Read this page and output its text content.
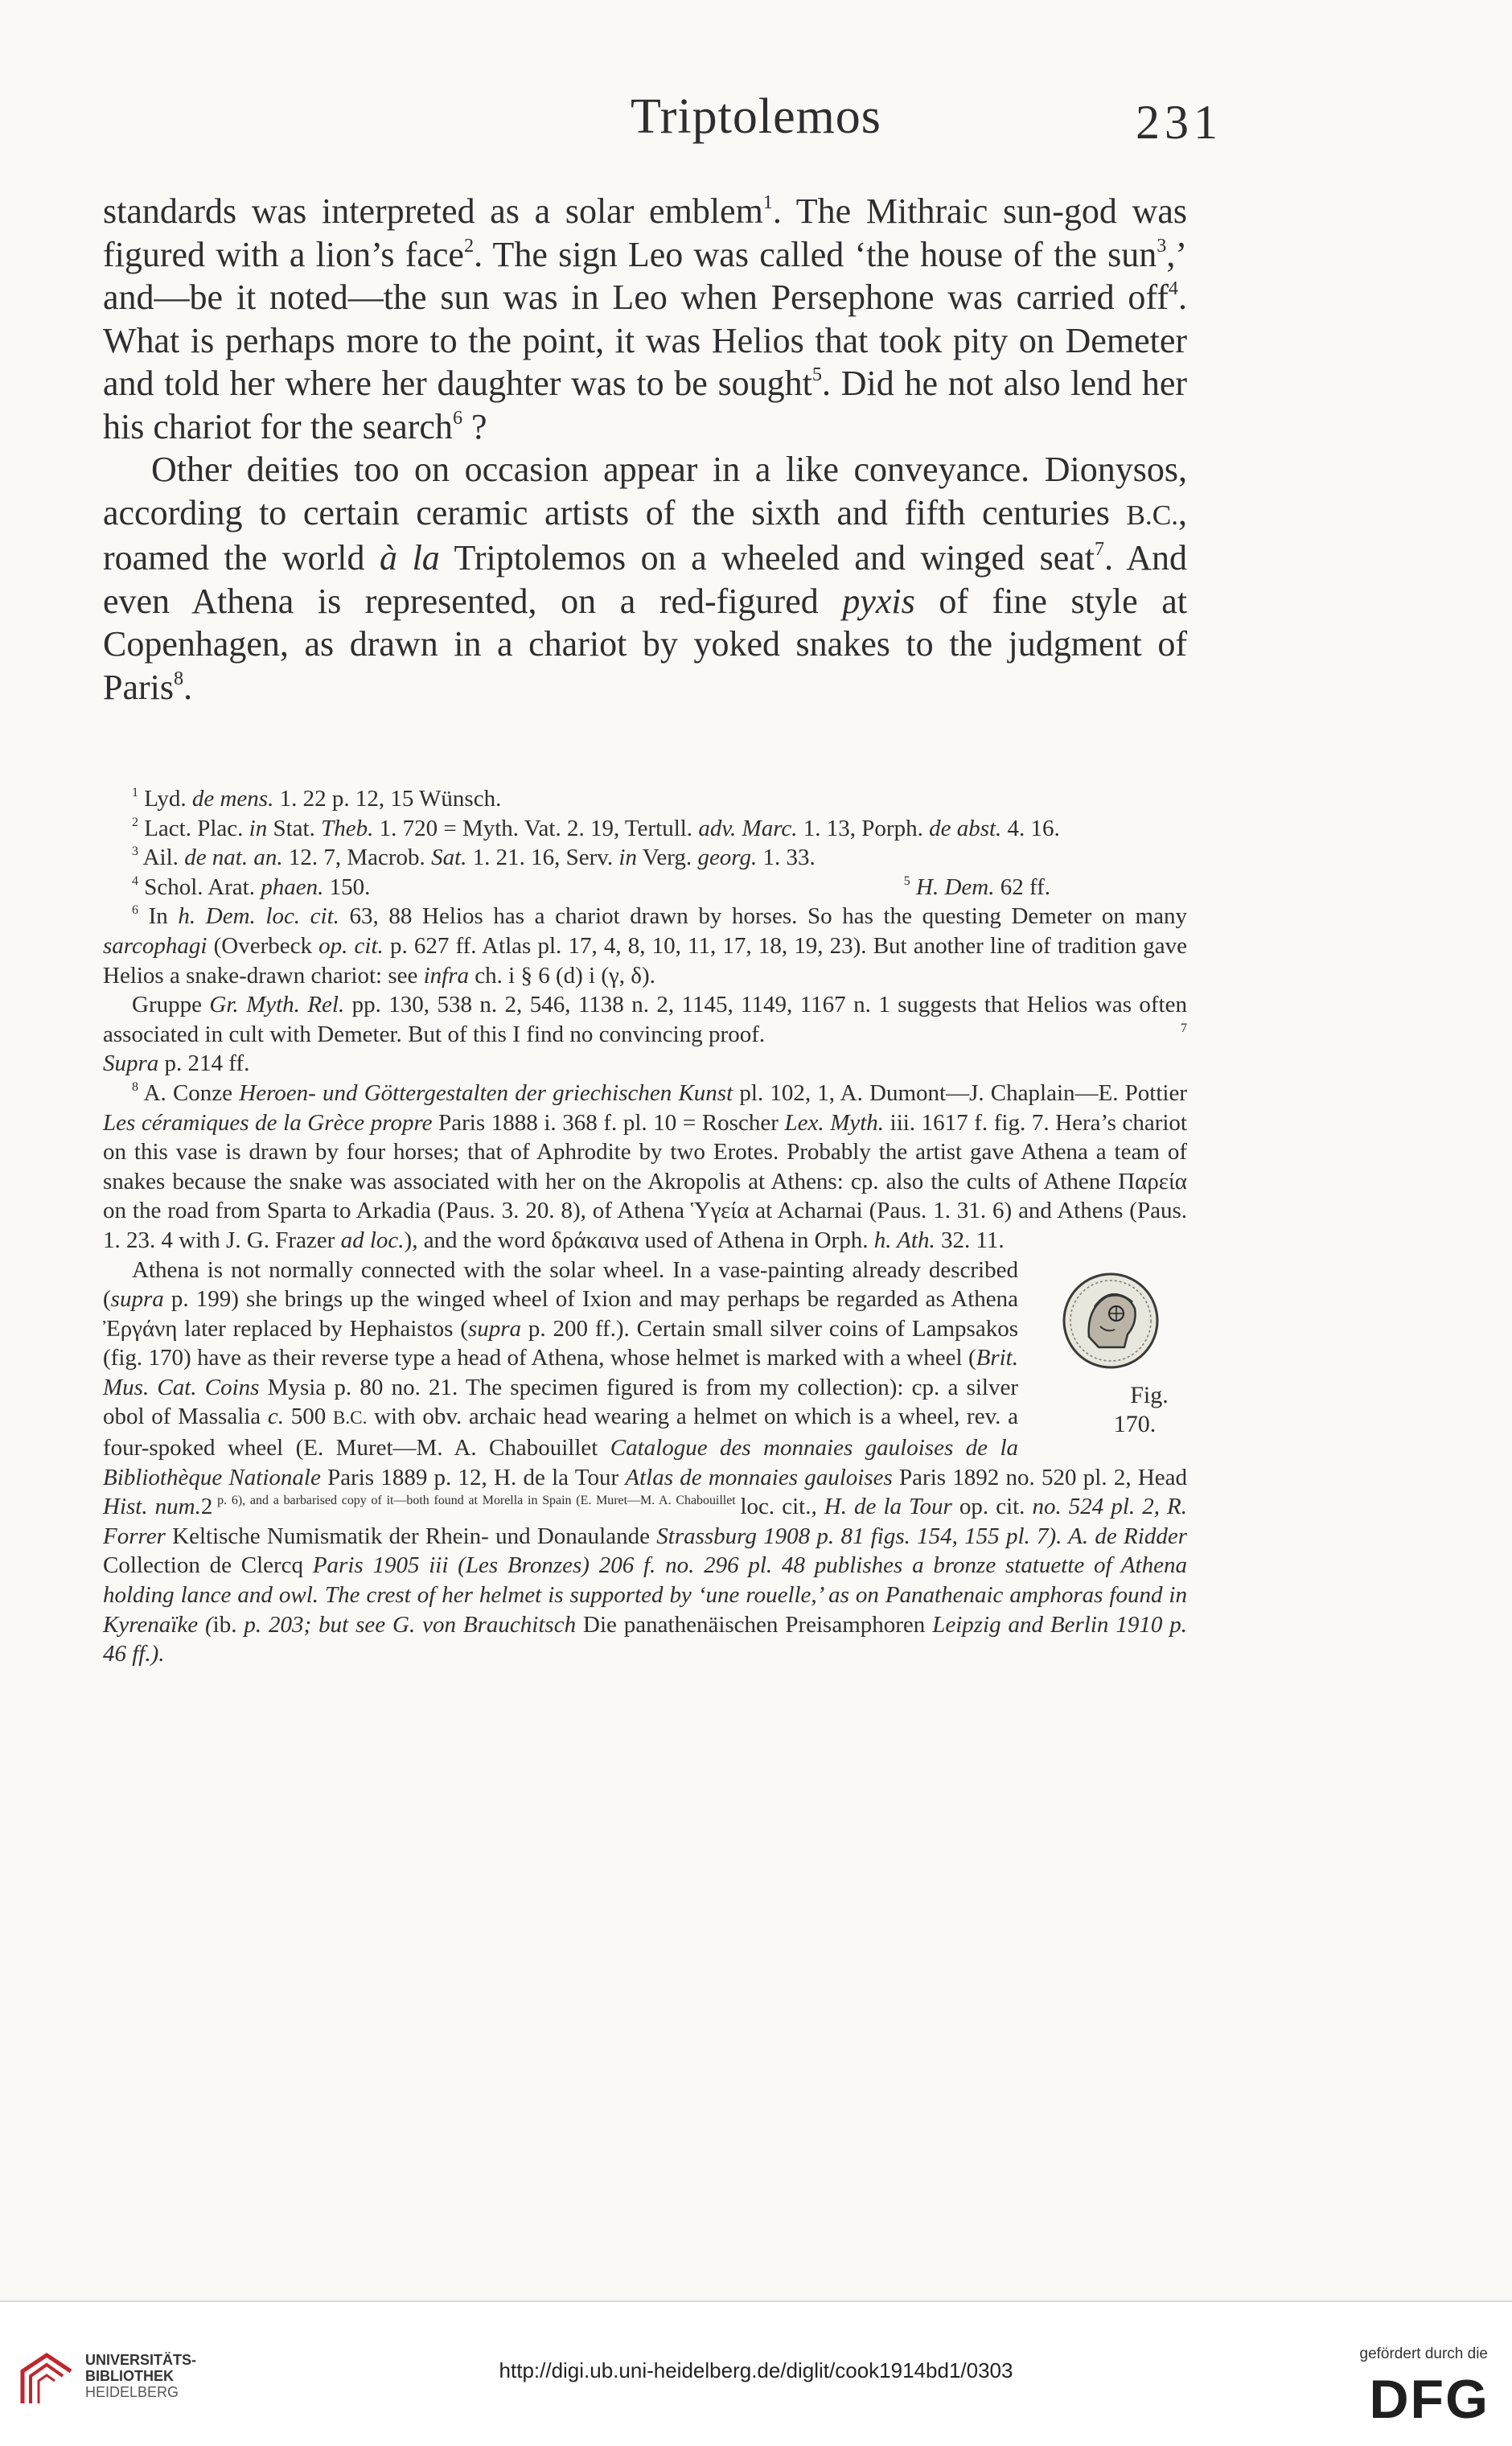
Triptolemos	231

standards was interpreted as a solar emblem$^1$. The Mithraic sun-god was figured with a lion’s face$^2$. The sign Leo was called ‘the house of the sun$^3$,’ and—be it noted—the sun was in Leo when Persephone was carried off$^4$. What is perhaps more to the point, it was Helios that took pity on Demeter and told her where her daughter was to be sought$^5$. Did he not also lend her his chariot for the search$^6$ ?

Other deities too on occasion appear in a like conveyance. Dionysos, according to certain ceramic artists of the sixth and fifth centuries B.C., roamed the world à la Triptolemos on a wheeled and winged seat$^7$. And even Athena is represented, on a red-figured pyxis of fine style at Copenhagen, as drawn in a chariot by yoked snakes to the judgment of Paris$^8$.

$^1$ Lyd. de mens. 1. 22 p. 12, 15 Wünsch.

$^2$ Lact. Plac. in Stat. Theb. 1. 720 = Myth. Vat. 2. 19, Tertull. adv. Marc. 1. 13, Porph. de abst. 4. 16.

$^3$ Ail. de nat. an. 12. 7, Macrob. Sat. 1. 21. 16, Serv. in Verg. georg. 1. 33.

$^4$ Schol. Arat. phaen. 150.	$^5$ H. Dem. 62 ff.

$^6$ In h. Dem. loc. cit. 63, 88 Helios has a chariot drawn by horses. So has the questing Demeter on many sarcophagi (Overbeck op. cit. p. 627 ff. Atlas pl. 17, 4, 8, 10, 11, 17, 18, 19, 23). But another line of tradition gave Helios a snake-drawn chariot: see infra ch. i § 6 (d) i (γ, δ).

Gruppe Gr. Myth. Rel. pp. 130, 538 n. 2, 546, 1138 n. 2, 1145, 1149, 1167 n. 1 suggests that Helios was often associated in cult with Demeter. But of this I find no convincing proof.	$^7$ Supra p. 214 ff.

$^8$ A. Conze Heroen- und Göttergestalten der griechischen Kunst pl. 102, 1, A. Dumont—J. Chaplain—E. Pottier Les céramiques de la Grèce propre Paris 1888 i. 368 f. pl. 10 = Roscher Lex. Myth. iii. 1617 f. fig. 7. Hera’s chariot on this vase is drawn by four horses; that of Aphrodite by two Erotes. Probably the artist gave Athena a team of snakes because the snake was associated with her on the Akropolis at Athens: cp. also the cults of Athene Παρεία on the road from Sparta to Arkadia (Paus. 3. 20. 8), of Athena Ὑγεία at Acharnai (Paus. 1. 31. 6) and Athens (Paus. 1. 23. 4 with J. G. Frazer ad loc.), and the word δράκαινα used of Athena in Orph. h. Ath. 32. 11.

Fig. 170.
Athena is not normally connected with the solar wheel. In a vase-painting already described (supra p. 199) she brings up the winged wheel of Ixion and may perhaps be regarded as Athena Ἐργάνη later replaced by Hephaistos (supra p. 200 ff.). Certain small silver coins of Lampsakos (fig. 170) have as their reverse type a head of Athena, whose helmet is marked with a wheel (Brit. Mus. Cat. Coins Mysia p. 80 no. 21. The specimen figured is from my collection): cp. a silver obol of Massalia c. 500 B.C. with obv. archaic head wearing a helmet on which is a wheel, rev. a four-spoked wheel (E. Muret—M. A. Chabouillet Catalogue des monnaies gauloises de la Bibliothèque Nationale Paris 1889 p. 12, H. de la Tour Atlas de monnaies gauloises Paris 1892 no. 520 pl. 2, Head Hist. num.2 $^{p. 6), and a barbarised copy of it—both found at Morella in Spain (E. Muret—M. A. Chabouillet}$ loc. cit., H. de la Tour op. cit. no. 524 pl. 2, R. Forrer Keltische Numismatik der Rhein- und Donaulande Strassburg 1908 p. 81 figs. 154, 155 pl. 7). A. de Ridder Collection de Clercq Paris 1905 iii (Les Bronzes) 206 f. no. 296 pl. 48 publishes a bronze statuette of Athena holding lance and owl. The crest of her helmet is supported by ‘une rouelle,’ as on Panathenaic amphoras found in Kyrenaïke (ib. p. 203; but see G. von Brauchitsch Die panathenäischen Preisamphoren Leipzig and Berlin 1910 p. 46 ff.).

UNIVERSITÄTS-
BIBLIOTHEK
HEIDELBERG
http://digi.ub.uni-heidelberg.de/diglit/cook1914bd1/0303
gefördert durch die
DFG
